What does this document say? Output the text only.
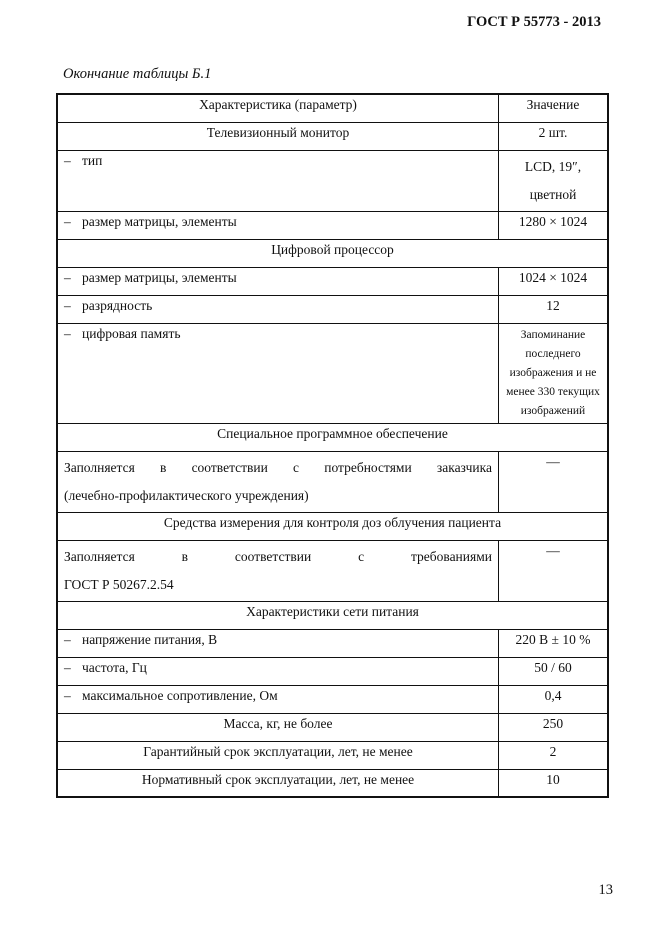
ГОСТ Р 55773 - 2013
Окончание таблицы Б.1
Характеристика (параметр)	Значение
Телевизионный монитор	2 шт.
– тип	LCD, 19″,
цветной

– размер матрицы, элементы	1280 × 1024
Цифровой процессор	
– размер матрицы, элементы	1024 × 1024
– разрядность	12
– цифровая память	Запоминание
последнего
изображения и не
менее 330 текущих
изображений

Специальное программное обеспечение	

Заполняется в соответствии с потребностями заказчика
(лечебно-профилактического учреждения)	—
Средства измерения для контроля доз облучения пациента	

Заполняется в соответствии с требованиями
ГОСТ Р 50267.2.54	—
Характеристики сети питания	
– напряжение питания, В	220 В ± 10 %
– частота, Гц	50 / 60
– максимальное сопротивление, Ом	0,4
Масса, кг, не более	250
Гарантийный срок эксплуатации, лет, не менее	2
Нормативный срок эксплуатации, лет, не менее	10
13
